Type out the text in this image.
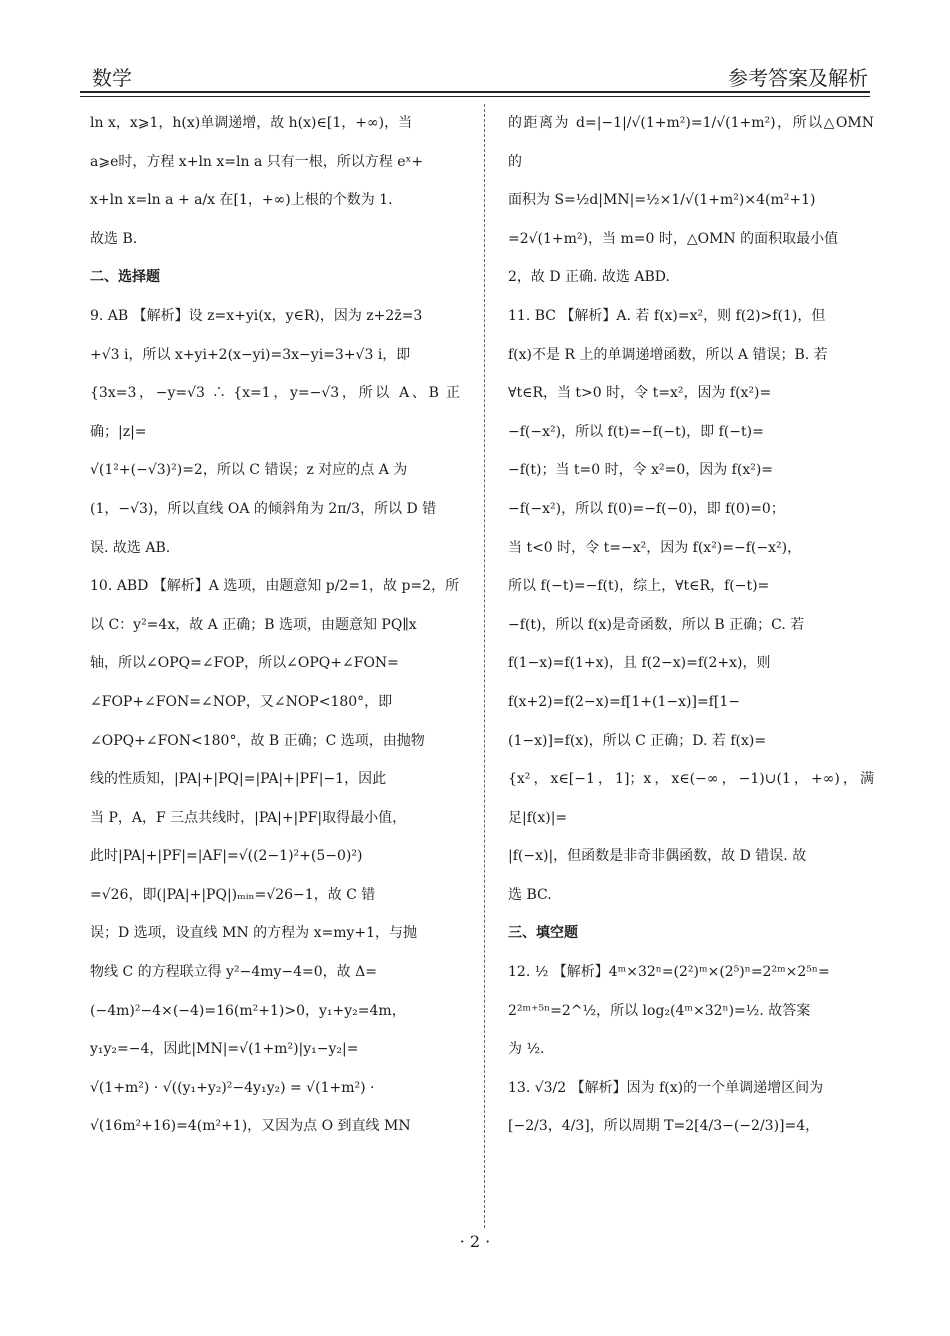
数学	参考答案及解析

ln x，x⩾1，h(x)单调递增，故 h(x)∈[1，+∞)，当

a⩾e时，方程 x+ln x=ln a 只有一根，所以方程 eˣ+

x+ln x=ln a + a/x 在[1，+∞)上根的个数为 1.

故选 B.

二、选择题

9. AB 【解析】设 z=x+yi(x，y∈R)，因为 z+2z̄=3

+√3 i，所以 x+yi+2(x−yi)=3x−yi=3+√3 i，即

{3x=3，−y=√3 ∴ {x=1，y=−√3，所以 A、B 正确；|z|=

√(1²+(−√3)²)=2，所以 C 错误；z 对应的点 A 为

(1，−√3)，所以直线 OA 的倾斜角为 2π/3，所以 D 错

误. 故选 AB.

10. ABD 【解析】A 选项，由题意知 p/2=1，故 p=2，所

以 C：y²=4x，故 A 正确；B 选项，由题意知 PQ∥x

轴，所以∠OPQ=∠FOP，所以∠OPQ+∠FON=

∠FOP+∠FON=∠NOP，又∠NOP<180°，即

∠OPQ+∠FON<180°，故 B 正确；C 选项，由抛物

线的性质知，|PA|+|PQ|=|PA|+|PF|−1，因此

当 P，A，F 三点共线时，|PA|+|PF|取得最小值，

此时|PA|+|PF|=|AF|=√((2−1)²+(5−0)²)

=√26，即(|PA|+|PQ|)ₘᵢₙ=√26−1，故 C 错

误；D 选项，设直线 MN 的方程为 x=my+1，与抛

物线 C 的方程联立得 y²−4my−4=0，故 Δ=

(−4m)²−4×(−4)=16(m²+1)>0，y₁+y₂=4m，

y₁y₂=−4，因此|MN|=√(1+m²)|y₁−y₂|=

√(1+m²) · √((y₁+y₂)²−4y₁y₂) = √(1+m²) ·

√(16m²+16)=4(m²+1)，又因为点 O 到直线 MN

的距离为 d=|−1|/√(1+m²)=1/√(1+m²)，所以△OMN 的

面积为 S=½d|MN|=½×1/√(1+m²)×4(m²+1)

=2√(1+m²)，当 m=0 时，△OMN 的面积取最小值

2，故 D 正确. 故选 ABD.

11. BC 【解析】A. 若 f(x)=x²，则 f(2)>f(1)，但

f(x)不是 R 上的单调递增函数，所以 A 错误；B. 若

∀t∈R，当 t>0 时，令 t=x²，因为 f(x²)=

−f(−x²)，所以 f(t)=−f(−t)，即 f(−t)=

−f(t)；当 t=0 时，令 x²=0，因为 f(x²)=

−f(−x²)，所以 f(0)=−f(−0)，即 f(0)=0；

当 t<0 时，令 t=−x²，因为 f(x²)=−f(−x²)，

所以 f(−t)=−f(t)，综上，∀t∈R，f(−t)=

−f(t)，所以 f(x)是奇函数，所以 B 正确；C. 若

f(1−x)=f(1+x)，且 f(2−x)=f(2+x)，则

f(x+2)=f(2−x)=f[1+(1−x)]=f[1−

(1−x)]=f(x)，所以 C 正确；D. 若 f(x)=

{x²，x∈[−1，1]；x，x∈(−∞，−1)∪(1，+∞)，满足|f(x)|=

|f(−x)|，但函数是非奇非偶函数，故 D 错误. 故

选 BC.

三、填空题

12. ½ 【解析】4ᵐ×32ⁿ=(2²)ᵐ×(2⁵)ⁿ=2²ᵐ×2⁵ⁿ=

2²ᵐ⁺⁵ⁿ=2^½，所以 log₂(4ᵐ×32ⁿ)=½. 故答案

为 ½.

13. √3/2 【解析】因为 f(x)的一个单调递增区间为

[−2/3，4/3]，所以周期 T=2[4/3−(−2/3)]=4，

· 2 ·
